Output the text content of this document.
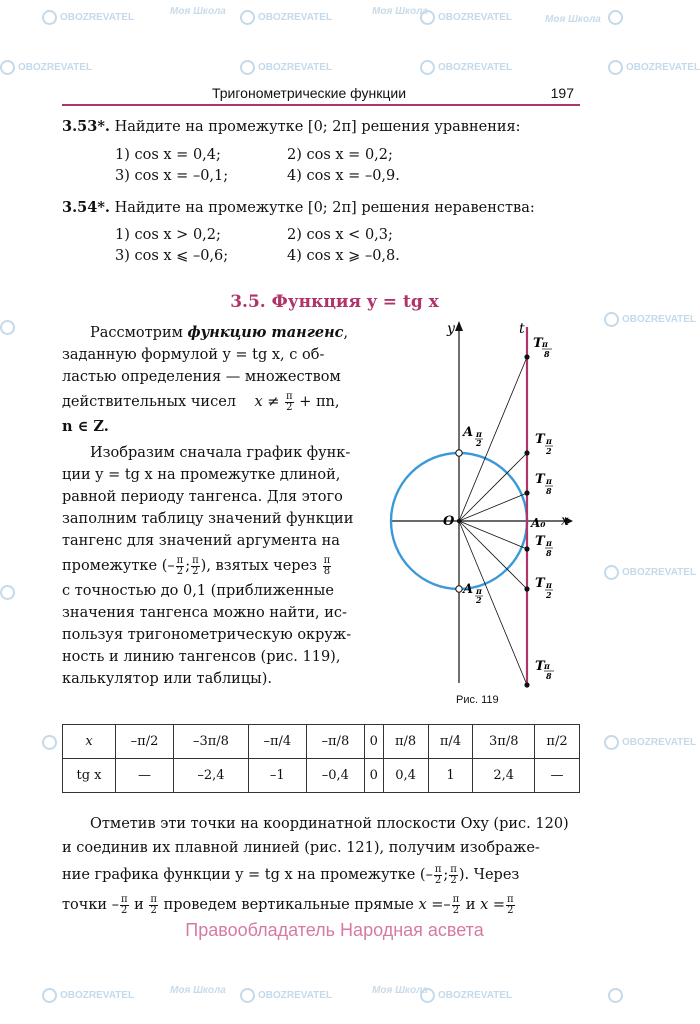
OBOZREVATEL
Моя Школа
OBOZREVATEL
Моя Школа
OBOZREVATEL	Моя Школа
OBOZREVATEL	OBOZREVATEL	OBOZREVATEL	OBOZREVATEL
OBOZREVATEL
OBOZREVATEL
OBOZREVATEL
OBOZREVATEL	Моя Школа	OBOZREVATEL	Моя Школа OBOZREVATEL
Тригонометрические функции	197
3.53*. Найдите на промежутке [0; 2π] решения уравнения:
1) cos x = 0,4;	2) cos x = 0,2;
3) cos x = –0,1;	4) cos x = –0,9.
3.54*. Найдите на промежутке [0; 2π] решения неравенства:
1) cos x > 0,2;	2) cos x < 0,3;
3) cos x ⩽ –0,6;	4) cos x ⩾ –0,8.
3.5. Функция y = tg x
Рассмотрим функцию тангенс,
заданную формулой y = tg x, с об-
ластью определения — множеством
действительных чисел $x \ne \frac{\pi}{2} + \pi n$,
n ∈ Z.
Изобразим сначала график функ-
ции y = tg x на промежутке длиной,
равной периоду тангенса. Для этого
заполним таблицу значений функции
тангенс для значений аргумента на
промежутке (– $\frac{\pi}{2}$ ; $\frac{\pi}{2}$ ), взятых через $\frac{\pi}{8}$
с точностью до 0,1 (приближенные
значения тангенса можно найти, ис-
пользуя тригонометрическую окруж-
ность и линию тангенсов (рис. 119),
калькулятор или таблицы).
y	t
x
O	A₀
A π
2
A π
2
T π
8
T π
2
T π
8
T π
8
T π
2
T π
8
Рис. 119
x	–π/2	–3π/8	–π/4	–π/8	0	π/8	π/4	3π/8	π/2
tg x	—	–2,4	–1	–0,4	0	0,4	1	2,4	—
Отметив эти точки на координатной плоскости Oxy (рис. 120)
и соединив их плавной линией (рис. 121), получим изображе-
ние графика функции y = tg x на промежутке (– $\frac{\pi}{2}$ ; $\frac{\pi}{2}$ ). Через
точки – $\frac{\pi}{2}$ и $\frac{\pi}{2}$ проведем вертикальные прямые $x =- \frac{\pi}{2}$ и $x = \frac{\pi}{2}$
Правообладатель Народная асвета
